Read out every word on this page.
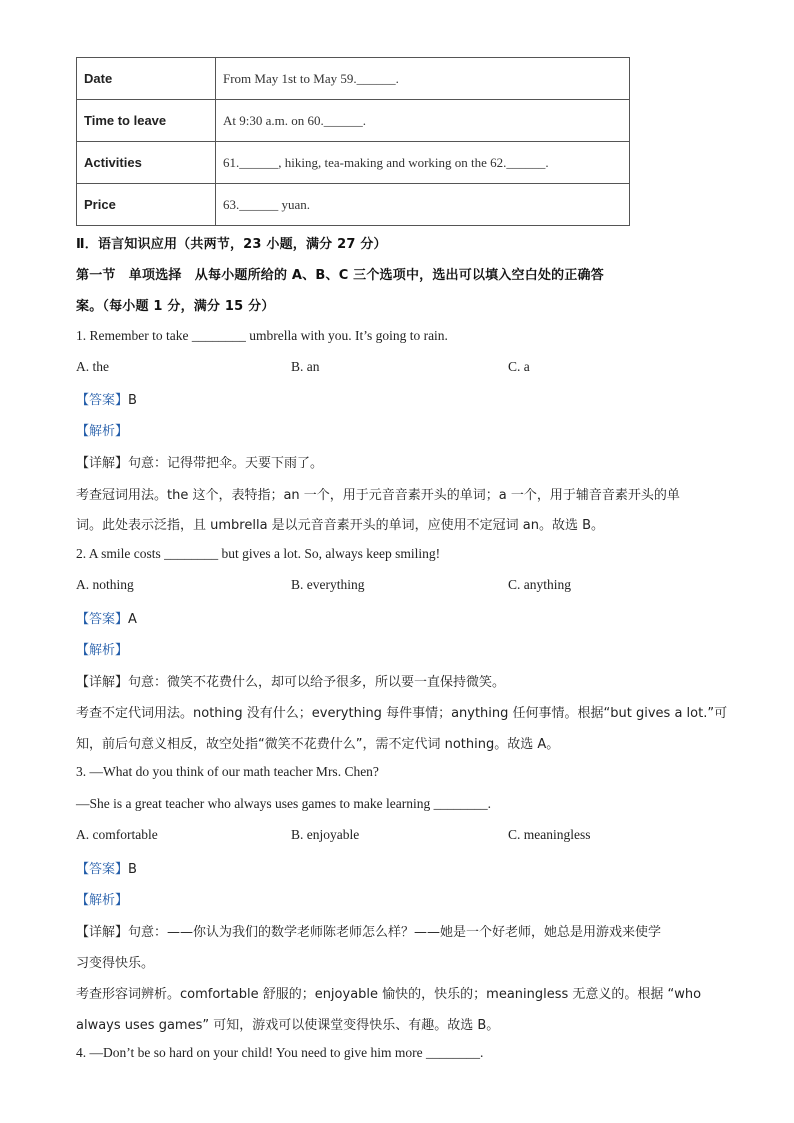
Date	From May 1st to May 59.______.
Time to leave	At 9:30 a.m. on 60.______.
Activities	61.______, hiking, tea-making and working on the 62.______.
Price	63.______ yuan.
Ⅱ．语言知识应用（共两节，23 小题，满分 27 分）
第一节　单项选择　从每小题所给的 A、B、C 三个选项中，选出可以填入空白处的正确答
案。（每小题 1 分，满分 15 分）
1. Remember to take ________ umbrella with you. It’s going to rain.
A. the	B. an	C. a
【答案】B
【解析】
【详解】句意：记得带把伞。天要下雨了。
考查冠词用法。the 这个，表特指；an 一个，用于元音音素开头的单词；a 一个，用于辅音音素开头的单
词。此处表示泛指，且 umbrella 是以元音音素开头的单词，应使用不定冠词 an。故选 B。
2. A smile costs ________ but gives a lot. So, always keep smiling!
A. nothing	B. everything	C. anything
【答案】A
【解析】
【详解】句意：微笑不花费什么，却可以给予很多，所以要一直保持微笑。
考查不定代词用法。nothing 没有什么；everything 每件事情；anything 任何事情。根据“but gives a lot.”可
知，前后句意义相反，故空处指“微笑不花费什么”，需不定代词 nothing。故选 A。
3. —What do you think of our math teacher Mrs. Chen?
—She is a great teacher who always uses games to make learning ________.
A. comfortable	B. enjoyable	C. meaningless
【答案】B
【解析】
【详解】句意：——你认为我们的数学老师陈老师怎么样？——她是一个好老师，她总是用游戏来使学
习变得快乐。
考查形容词辨析。comfortable 舒服的；enjoyable 愉快的，快乐的；meaningless 无意义的。根据 “who
always uses games” 可知，游戏可以使课堂变得快乐、有趣。故选 B。
4. —Don’t be so hard on your child! You need to give him more ________.
